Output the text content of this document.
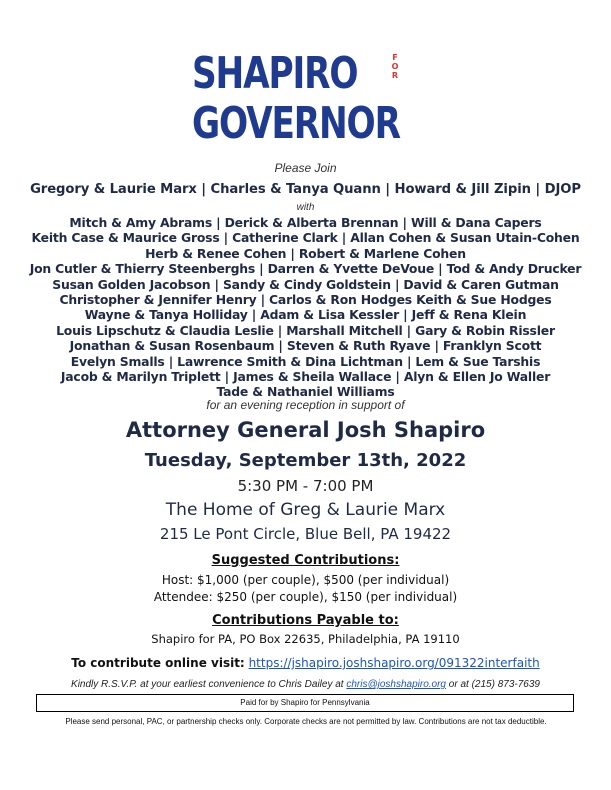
SHAPIRO	F
O
R
GOVERNOR
Please Join
Gregory & Laurie Marx | Charles & Tanya Quann | Howard & Jill Zipin | DJOP
with
Mitch & Amy Abrams | Derick & Alberta Brennan | Will & Dana Capers
Keith Case & Maurice Gross | Catherine Clark | Allan Cohen & Susan Utain-Cohen
Herb & Renee Cohen | Robert & Marlene Cohen
Jon Cutler & Thierry Steenberghs | Darren & Yvette DeVoue | Tod & Andy Drucker
Susan Golden Jacobson | Sandy & Cindy Goldstein | David & Caren Gutman
Christopher & Jennifer Henry | Carlos & Ron Hodges Keith & Sue Hodges
Wayne & Tanya Holliday | Adam & Lisa Kessler | Jeff & Rena Klein
Louis Lipschutz & Claudia Leslie | Marshall Mitchell | Gary & Robin Rissler
Jonathan & Susan Rosenbaum | Steven & Ruth Ryave | Franklyn Scott
Evelyn Smalls | Lawrence Smith & Dina Lichtman | Lem & Sue Tarshis
Jacob & Marilyn Triplett | James & Sheila Wallace | Alyn & Ellen Jo Waller
Tade & Nathaniel Williams
for an evening reception in support of
Attorney General Josh Shapiro
Tuesday, September 13th, 2022
5:30 PM - 7:00 PM
The Home of Greg & Laurie Marx
215 Le Pont Circle, Blue Bell, PA 19422
Suggested Contributions:
Host: $1,000 (per couple), $500 (per individual)
Attendee: $250 (per couple), $150 (per individual)
Contributions Payable to:
Shapiro for PA, PO Box 22635, Philadelphia, PA 19110
To contribute online visit: https://jshapiro.joshshapiro.org/091322interfaith
Kindly R.S.V.P. at your earliest convenience to Chris Dailey at chris@joshshapiro.org or at (215) 873-7639
Paid for by Shapiro for Pennsylvania
Please send personal, PAC, or partnership checks only. Corporate checks are not permitted by law. Contributions are not tax deductible.
